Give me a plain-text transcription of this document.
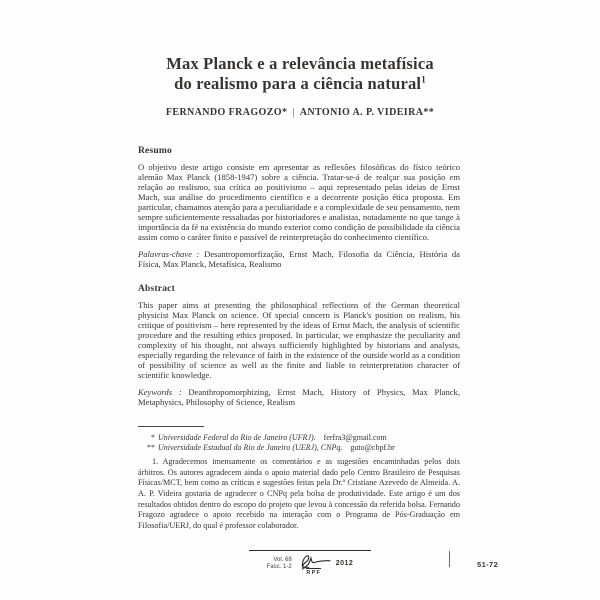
Max Planck e a relevância metafísica
do realismo para a ciência natural$^1$
FERNANDO FRAGOZO* | ANTONIO A. P. VIDEIRA**

Resumo

O objetivo deste artigo consiste em apresentar as reflexões filosóficas do físico teórico alemão Max Planck (1858-1947) sobre a ciência. Tratar-se-á de realçar sua posição em relação ao realismo, sua crítica ao positivismo – aqui representado pelas ideias de Ernst Mach, sua análise do procedimento científico e a decorrente posição ética proposta. Em particular, chamamos atenção para a peculiaridade e a complexidade de seu pensamento, nem sempre suficientemente ressaltadas por historiadores e analistas, notadamente no que tange à importância da fé na existência do mundo exterior como condição de possibilidade da ciência assim como o caráter finito e passível de reinterpretação do conhecimento científico.

Palavras-chave : Desantropomorfização, Ernst Mach, Filosofia da Ciência, História da Física, Max Planck, Metafísica, Realismo

Abstract

This paper aims at presenting the philosophical reflections of the German theoretical physicist Max Planck on science. Of special concern is Planck's position on realism, his critique of positivism – here represented by the ideas of Ernst Mach, the analysis of scientific procedure and the resulting ethics proposed. In particular, we emphasize the peculiarity and complexity of his thought, not always sufficiently highlighted by historians and analysts, especially regarding the relevance of faith in the existence of the outside world as a condition of possibility of science as well as the finite and liable to reinterpretation character of scientific knowledge.

Keywords : Deanthropomorphizing, Ernst Mach, History of Physics, Max Planck, Metaphysics, Philosophy of Science, Realism

* Universidade Federal do Rio de Janeiro (UFRJ). ferfra3@gmail.com

** Universidade Estadual do Rio de Janeiro (UERJ), CNPq. guto@cbpf.br

1. Agradecemos imensamente os comentários e as sugestões encaminhadas pelos dois árbitros. Os autores agradecem ainda o apoio material dado pelo Centro Brasileiro de Pesquisas Físicas/MCT, bem como as críticas e sugestões feitas pela Dr.ª Cristiane Azevedo de Almeida. A. A. P. Videira gostaria de agradecer o CNPq pela bolsa de produtividade. Este artigo é um dos resultados obtidos dentro do escopo do projeto que levou à concessão da referida bolsa. Fernando Fragozo agradece o apoio recebido na interação com o Programa de Pós-Graduação em Filosofia/UERJ, do qual é professor colaborador.

Vol. 68
Fasc. 1-2
RPF
2012	51-72
